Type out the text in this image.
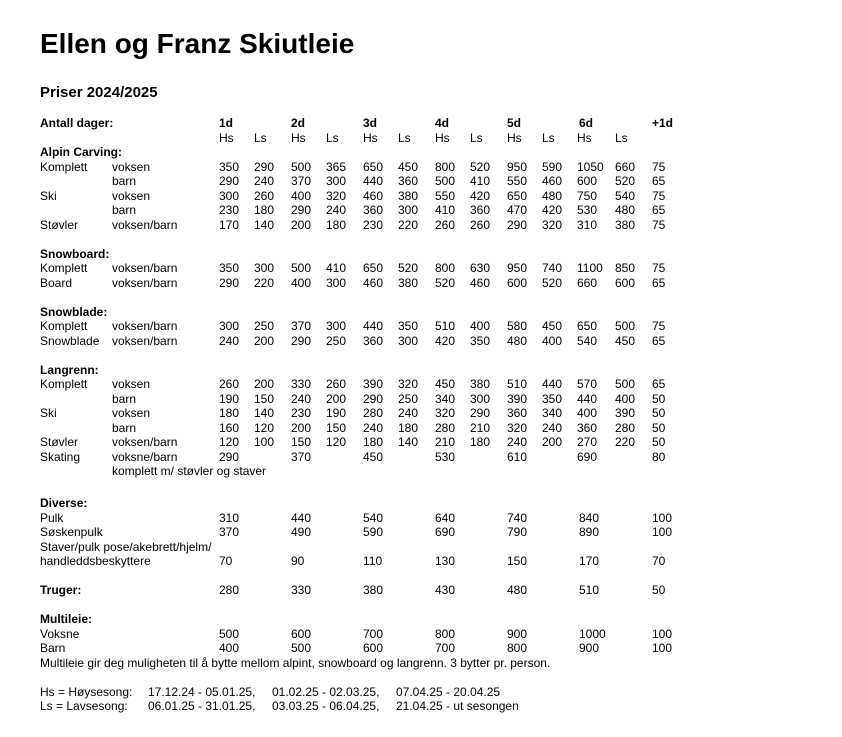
Ellen og Franz Skiutleie
Priser 2024/2025
Antall dager:	1d	2d	3d	4d	5d	6d	+1d
Hs Ls Hs Ls Hs Ls Hs Ls Hs Ls Hs Ls
Alpin Carving:
Komplett voksen	350 290 500 365 650 450 800 520 950 590 1050 660 75
barn	290 240 370 300 440 360 500 410 550 460 600 520 65
Ski	voksen	300 260 400 320 460 380 550 420 650 480 750 540 75
barn	230 180 290 240 360 300 410 360 470 420 530 480 65
Støvler	voksen/barn	170 140 200 180 230 220 260 260 290 320 310 380 75
Snowboard:
Komplett voksen/barn	350 300 500 410 650 520 800 630 950 740 1100 850 75
Board	voksen/barn	290 220 400 300 460 380 520 460 600 520 660 600 65
Snowblade:
Komplett voksen/barn	300 250 370 300 440 350 510 400 580 450 650 500 75
Snowblade voksen/barn	240 200 290 250 360 300 420 350 480 400 540 450 65
Langrenn:
Komplett voksen	260 200 330 260 390 320 450 380 510 440 570 500 65
barn	190 150 240 200 290 250 340 300 390 350 440 400 50
Ski	voksen	180 140 230 190 280 240 320 290 360 340 400 390 50
barn	160 120 200 150 240 180 280 210 320 240 360 280 50
Støvler	voksen/barn	120 100 150 120 180 140 210 180 240 200 270 220 50
Skating	voksne/barn	290	370	450	530	610	690	80
komplett m/ støvler og staver
Diverse:
Pulk	310	440	540	640	740	840	100
Søskenpulk	370	490	590	690	790	890	100
Staver/pulk pose/akebrett/hjelm/
handleddsbeskyttere	70	90	110	130	150	170	70
Truger:	280	330	380	430	480	510	50
Multileie:
Voksne	500	600	700	800	900	1000	100
Barn	400	500	600	700	800	900	100
Multileie gir deg muligheten til å bytte mellom alpint, snowboard og langrenn. 3 bytter pr. person.
Hs = Høysesong: 17.12.24 - 05.01.25, 01.02.25 - 02.03.25, 07.04.25 - 20.04.25
Ls = Lavsesong: 06.01.25 - 31.01.25, 03.03.25 - 06.04.25, 21.04.25 - ut sesongen
